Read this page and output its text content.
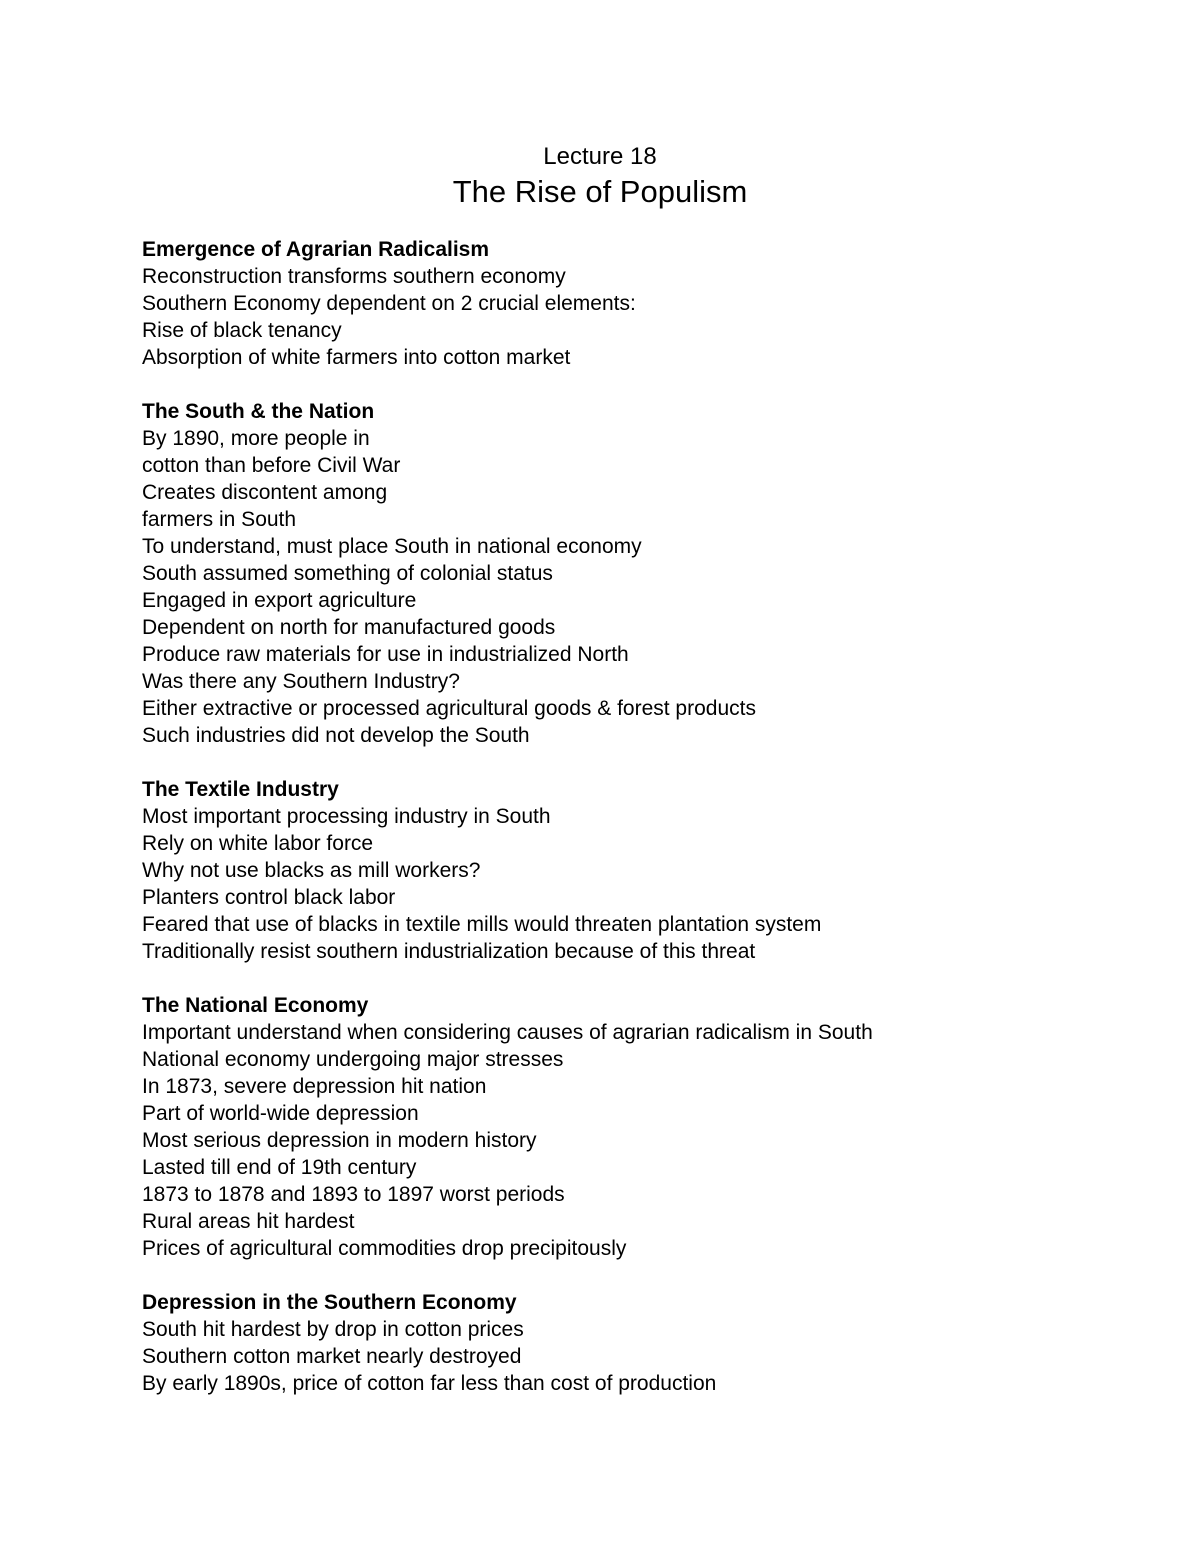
Lecture 18
The Rise of Populism
Emergence of Agrarian Radicalism
Reconstruction transforms southern economy
Southern Economy dependent on 2 crucial elements:
Rise of black tenancy
Absorption of white farmers into cotton market
The South & the Nation
By 1890, more people in
cotton than before Civil War
Creates discontent among
farmers in South
To understand, must place South in national economy
South assumed something of colonial status
Engaged in export agriculture
Dependent on north for manufactured goods
Produce raw materials for use in industrialized North
Was there any Southern Industry?
Either extractive or processed agricultural goods & forest products
Such industries did not develop the South
The Textile Industry
Most important processing industry in South
Rely on white labor force
Why not use blacks as mill workers?
Planters control black labor
Feared that use of blacks in textile mills would threaten plantation system
Traditionally resist southern industrialization because of this threat
The National Economy
Important understand when considering causes of agrarian radicalism in South
National economy undergoing major stresses
In 1873, severe depression hit nation
Part of world-wide depression
Most serious depression in modern history
Lasted till end of 19th century
1873 to 1878 and 1893 to 1897 worst periods
Rural areas hit hardest
Prices of agricultural commodities drop precipitously
Depression in the Southern Economy
South hit hardest by drop in cotton prices
Southern cotton market nearly destroyed
By early 1890s, price of cotton far less than cost of production
